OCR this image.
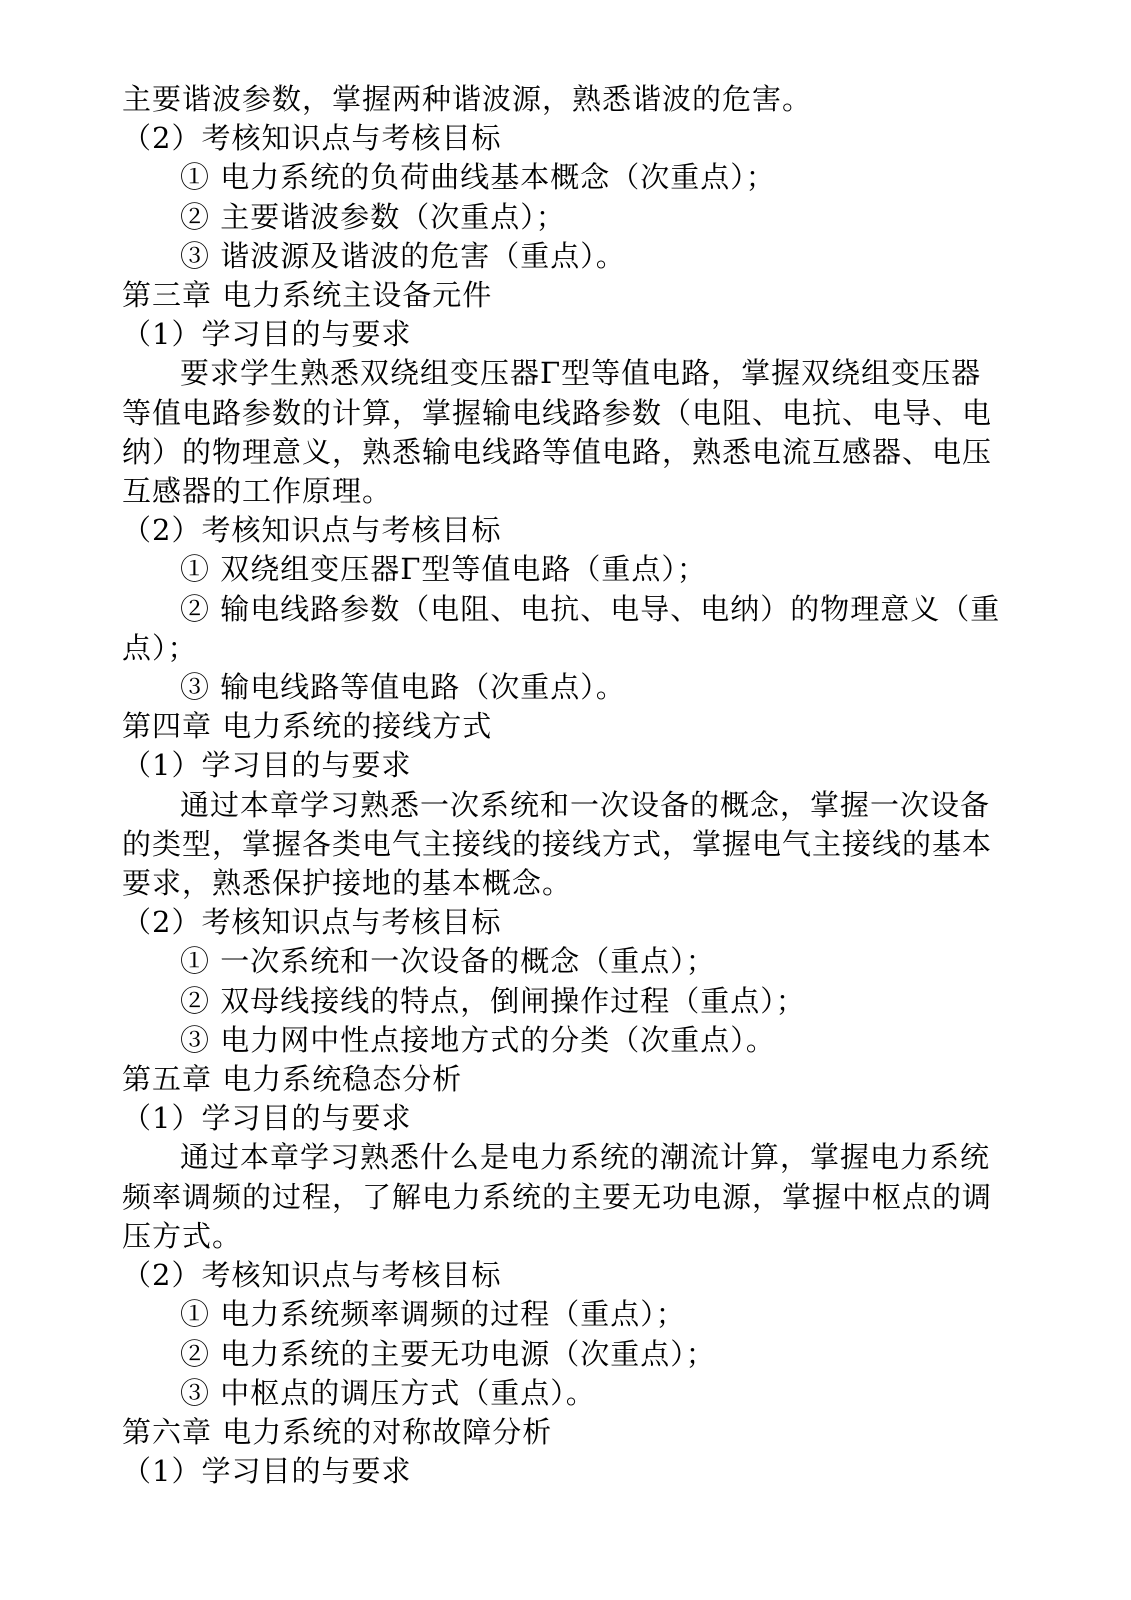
主要谐波参数，掌握两种谐波源，熟悉谐波的危害。

（2）考核知识点与考核目标

① 电力系统的负荷曲线基本概念（次重点）；

② 主要谐波参数（次重点）；

③ 谐波源及谐波的危害（重点）。

第三章 电力系统主设备元件

（1）学习目的与要求

要求学生熟悉双绕组变压器Γ型等值电路，掌握双绕组变压器等值电路参数的计算，掌握输电线路参数（电阻、电抗、电导、电纳）的物理意义，熟悉输电线路等值电路，熟悉电流互感器、电压互感器的工作原理。

（2）考核知识点与考核目标

① 双绕组变压器Γ型等值电路（重点）；

② 输电线路参数（电阻、电抗、电导、电纳）的物理意义（重

点）；

③ 输电线路等值电路（次重点）。

第四章 电力系统的接线方式

（1）学习目的与要求

通过本章学习熟悉一次系统和一次设备的概念，掌握一次设备的类型，掌握各类电气主接线的接线方式，掌握电气主接线的基本要求，熟悉保护接地的基本概念。

（2）考核知识点与考核目标

① 一次系统和一次设备的概念（重点）；

② 双母线接线的特点，倒闸操作过程（重点）；

③ 电力网中性点接地方式的分类（次重点）。

第五章 电力系统稳态分析

（1）学习目的与要求

通过本章学习熟悉什么是电力系统的潮流计算，掌握电力系统频率调频的过程，了解电力系统的主要无功电源，掌握中枢点的调压方式。

（2）考核知识点与考核目标

① 电力系统频率调频的过程（重点）；

② 电力系统的主要无功电源（次重点）；

③ 中枢点的调压方式（重点）。

第六章 电力系统的对称故障分析

（1）学习目的与要求
